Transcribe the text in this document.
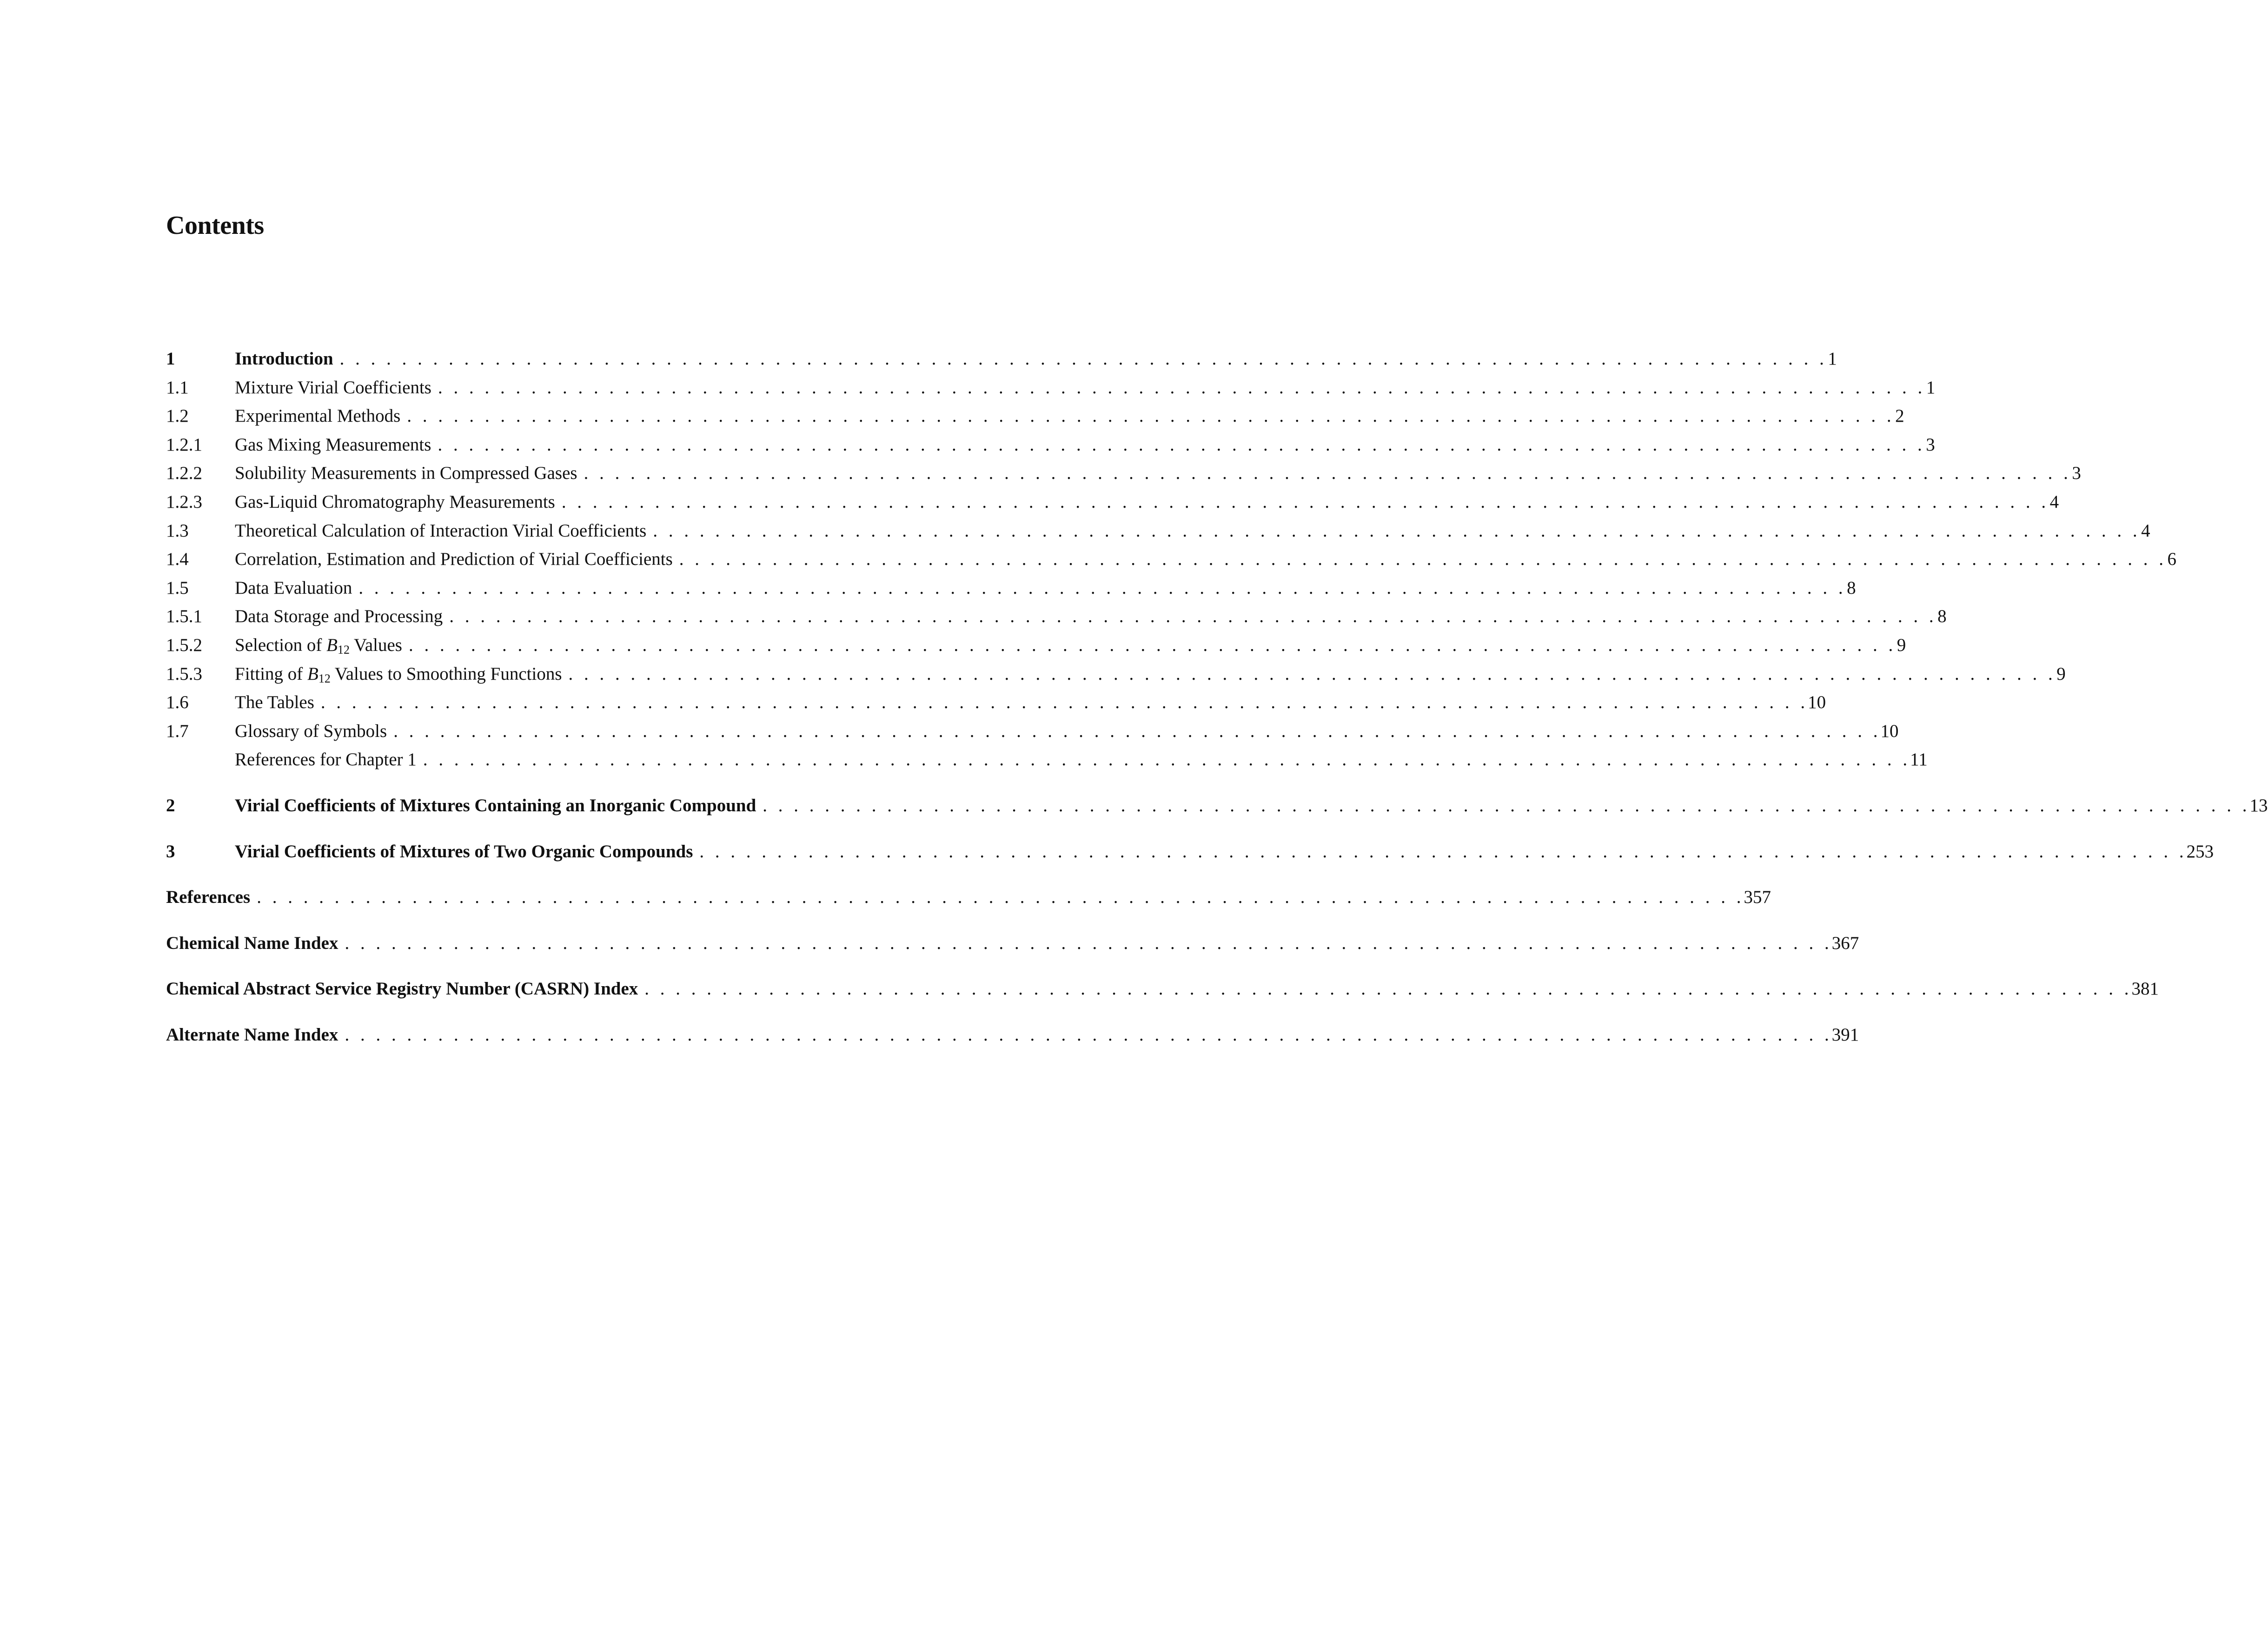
Contents
1	Introduction . . .	1
1.1	Mixture Virial Coefficients . . .	1
1.2	Experimental Methods . . .	2
1.2.1	Gas Mixing Measurements . . .	3
1.2.2	Solubility Measurements in Compressed Gases . . .	3
1.2.3	Gas-Liquid Chromatography Measurements . . .	4
1.3	Theoretical Calculation of Interaction Virial Coefficients . . .	4
1.4	Correlation, Estimation and Prediction of Virial Coefficients . . .	6
1.5	Data Evaluation . . .	8
1.5.1	Data Storage and Processing . . .	8
1.5.2	Selection of $B_{12}$ Values . . .	9
1.5.3	Fitting of $B_{12}$ Values to Smoothing Functions . . .	9
1.6	The Tables . . .	10
1.7	Glossary of Symbols . . .	10
References for Chapter 1 . . .	11
2	Virial Coefficients of Mixtures Containing an Inorganic Compound . . .	13
3	Virial Coefficients of Mixtures of Two Organic Compounds . . .	253
References . . .	357
Chemical Name Index . . .	367
Chemical Abstract Service Registry Number (CASRN) Index . . .	381
Alternate Name Index . . .	391
